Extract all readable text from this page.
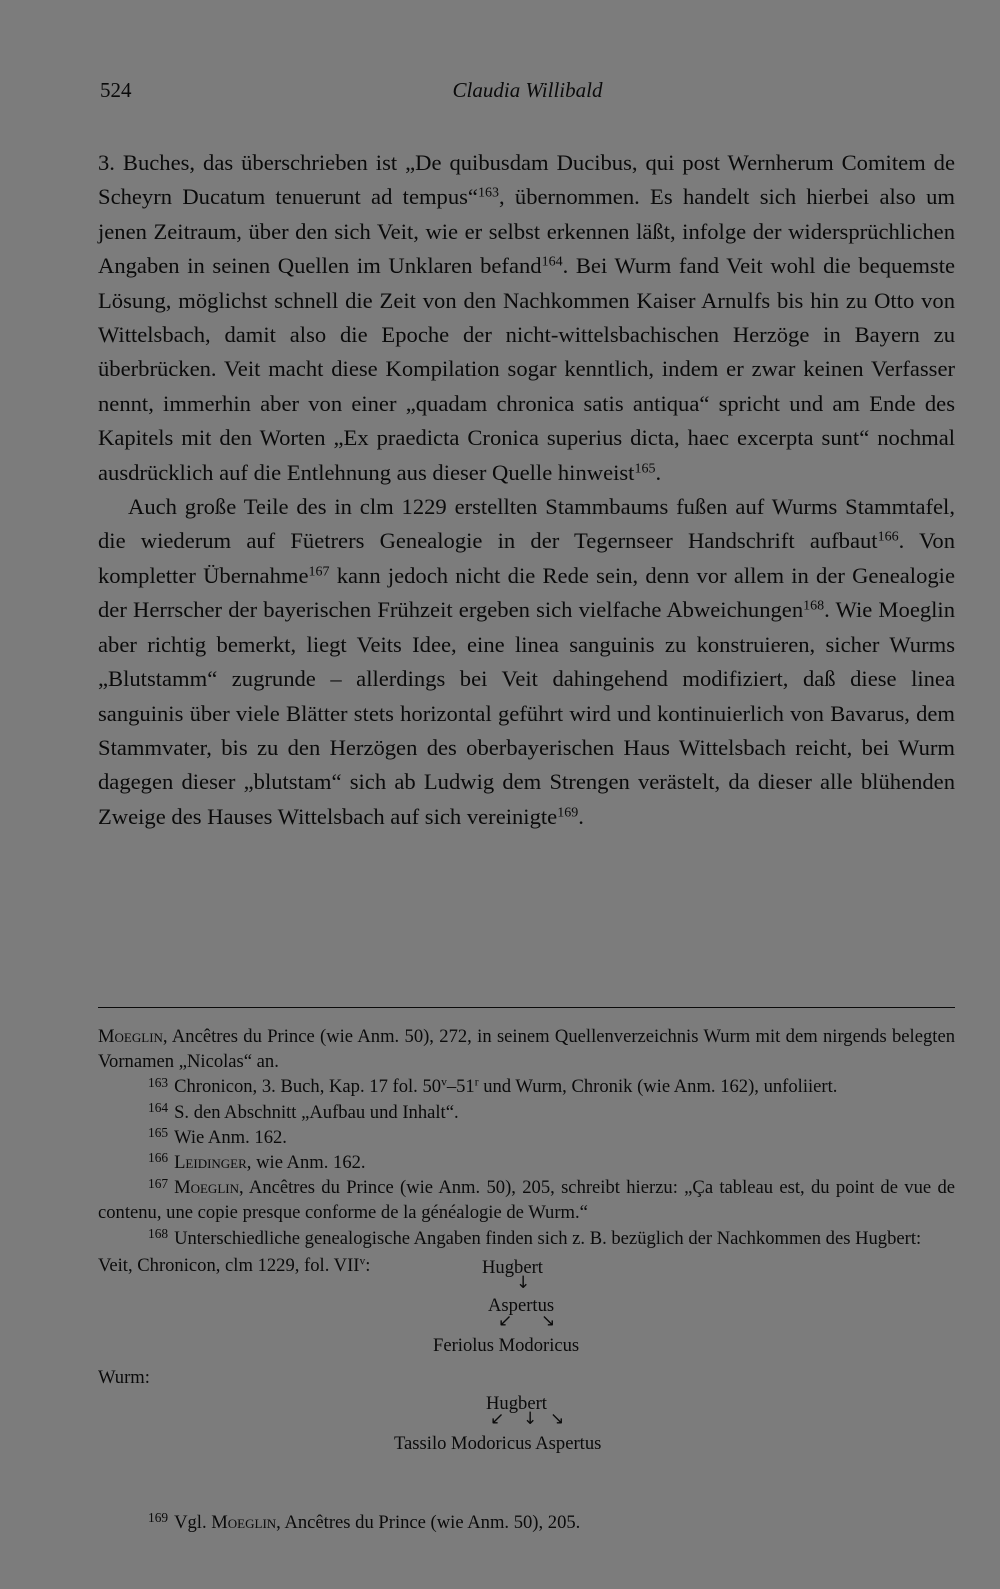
524	Claudia Willibald

3. Buches, das überschrieben ist „De quibusdam Ducibus, qui post Wernherum Comitem de Scheyrn Ducatum tenuerunt ad tempus“$^{163}$, übernommen. Es handelt sich hierbei also um jenen Zeitraum, über den sich Veit, wie er selbst erkennen läßt, infolge der widersprüchlichen Angaben in seinen Quellen im Unklaren befand$^{164}$. Bei Wurm fand Veit wohl die bequemste Lösung, möglichst schnell die Zeit von den Nachkommen Kaiser Arnulfs bis hin zu Otto von Wittelsbach, damit also die Epoche der nicht-wittelsbachischen Herzöge in Bayern zu überbrücken. Veit macht diese Kompilation sogar kenntlich, indem er zwar keinen Verfasser nennt, immerhin aber von einer „quadam chronica satis antiqua“ spricht und am Ende des Kapitels mit den Worten „Ex praedicta Cronica superius dicta, haec excerpta sunt“ nochmal ausdrücklich auf die Entlehnung aus dieser Quelle hinweist$^{165}$.

Auch große Teile des in clm 1229 erstellten Stammbaums fußen auf Wurms Stammtafel, die wiederum auf Füetrers Genealogie in der Tegernseer Handschrift aufbaut$^{166}$. Von kompletter Übernahme$^{167}$ kann jedoch nicht die Rede sein, denn vor allem in der Genealogie der Herrscher der bayerischen Frühzeit ergeben sich vielfache Abweichungen$^{168}$. Wie Moeglin aber richtig bemerkt, liegt Veits Idee, eine linea sanguinis zu konstruieren, sicher Wurms „Blutstamm“ zugrunde – allerdings bei Veit dahingehend modifiziert, daß diese linea sanguinis über viele Blätter stets horizontal geführt wird und kontinuierlich von Bavarus, dem Stammvater, bis zu den Herzögen des oberbayerischen Haus Wittelsbach reicht, bei Wurm dagegen dieser „blutstam“ sich ab Ludwig dem Strengen verästelt, da dieser alle blühenden Zweige des Hauses Wittelsbach auf sich vereinigte$^{169}$.

Moeglin, Ancêtres du Prince (wie Anm. 50), 272, in seinem Quellenverzeichnis Wurm mit dem nirgends belegten Vornamen „Nicolas“ an.
163 Chronicon, 3. Buch, Kap. 17 fol. 50$^v$–51$^r$ und Wurm, Chronik (wie Anm. 162), unfoliiert.
164 S. den Abschnitt „Aufbau und Inhalt“.
165 Wie Anm. 162.
166 Leidinger, wie Anm. 162.
167 Moeglin, Ancêtres du Prince (wie Anm. 50), 205, schreibt hierzu: „Ça tableau est, du point de vue de contenu, une copie presque conforme de la généalogie de Wurm.“
168 Unterschiedliche genealogische Angaben finden sich z. B. bezüglich der Nachkommen des Hugbert:
Veit, Chronicon, clm 1229, fol. VII$^v$:	Hugbert
↓
Aspertus
↙ ↘
Feriolus Modoricus
Wurm:
Hugbert
↙ ↓ ↘
Tassilo Modoricus Aspertus
169 Vgl. Moeglin, Ancêtres du Prince (wie Anm. 50), 205.
